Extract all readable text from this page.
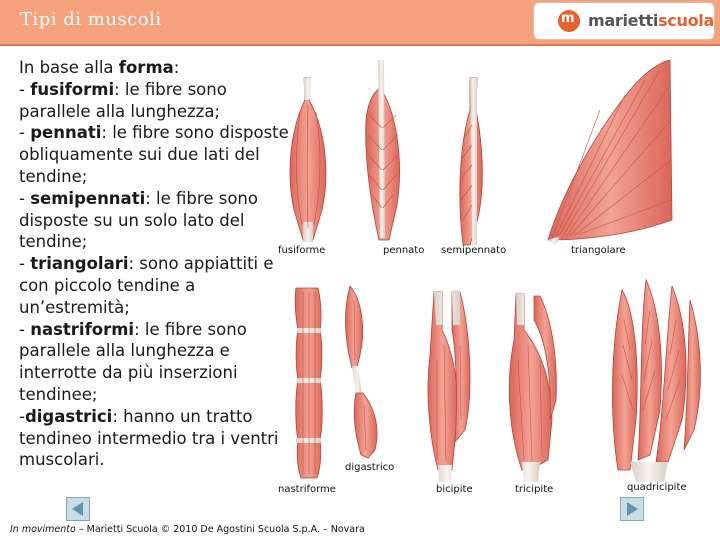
Tipi di muscoli	m mariettiscuola
In base alla forma:
- fusiformi: le fibre sono parallele alla lunghezza;
- pennati: le fibre sono disposte obliquamente sui due lati del tendine;
- semipennati: le fibre sono disposte su un solo lato del tendine;
- triangolari: sono appiattiti e con piccolo tendine a un’estremità;
- nastriformi: le fibre sono parallele alla lunghezza e interrotte da più inserzioni tendinee;
-digastrici: hanno un tratto tendineo intermedio tra i ventri muscolari.
fusiforme	pennato semipennato	triangolare
digastrico
nastriforme	bicipite	tricipite	quadricipite
In movimento – Marietti Scuola © 2010 De Agostini Scuola S.p.A. – Novara
